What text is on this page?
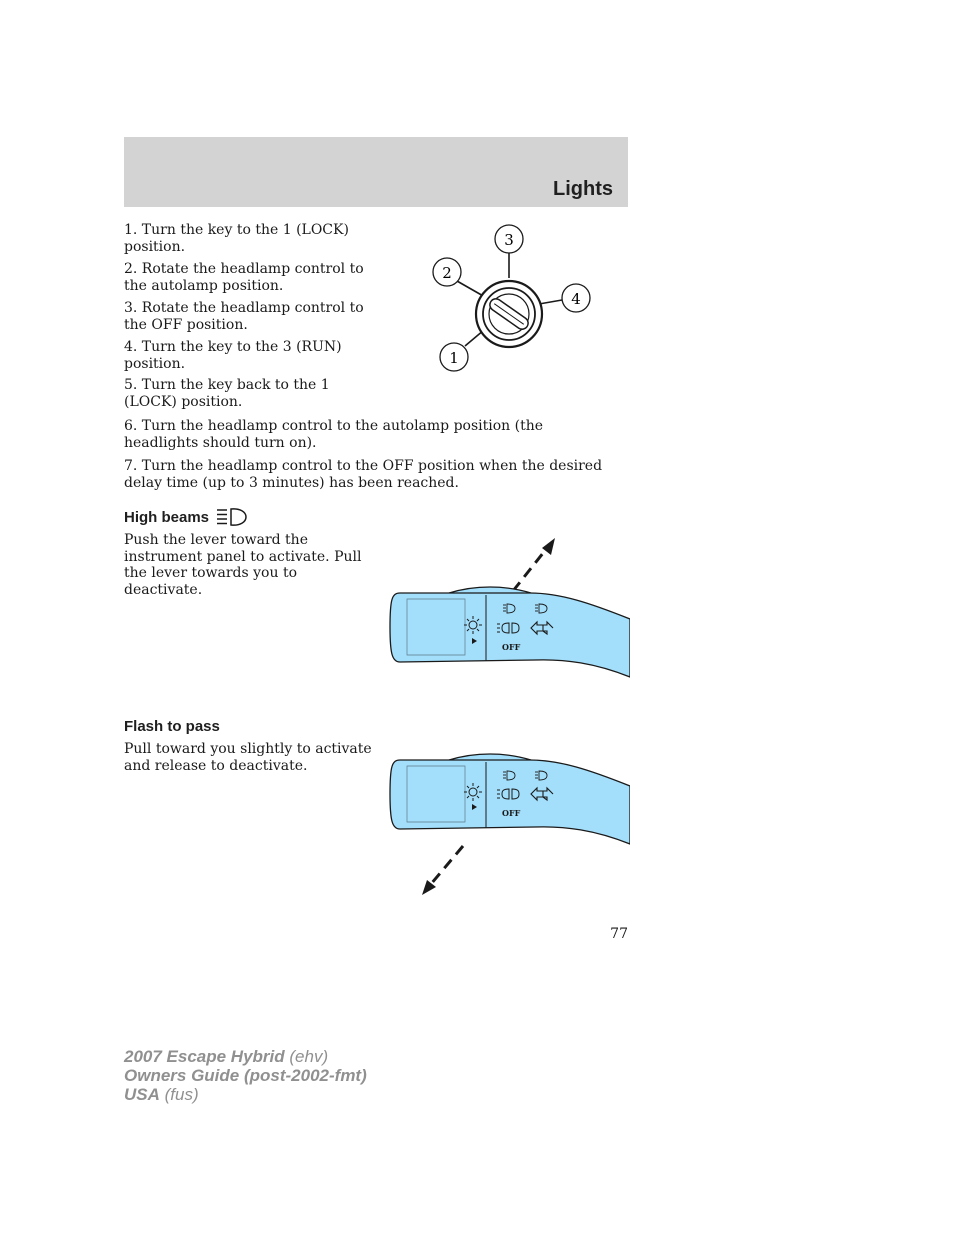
Lights

1. Turn the key to the 1 (LOCK) position.

2. Rotate the headlamp control to the autolamp position.

3. Rotate the headlamp control to the OFF position.

4. Turn the key to the 3 (RUN) position.

5. Turn the key back to the 1 (LOCK) position.

6. Turn the headlamp control to the autolamp position (the headlights should turn on).

7. Turn the headlamp control to the OFF position when the desired delay time (up to 3 minutes) has been reached.

3
2
4
1
High beams

Push the lever toward the instrument panel to activate. Pull the lever towards you to deactivate.

OFF
Flash to pass

Pull toward you slightly to activate and release to deactivate.

OFF
77
2007 Escape Hybrid (ehv)
Owners Guide (post-2002-fmt)
USA (fus)
